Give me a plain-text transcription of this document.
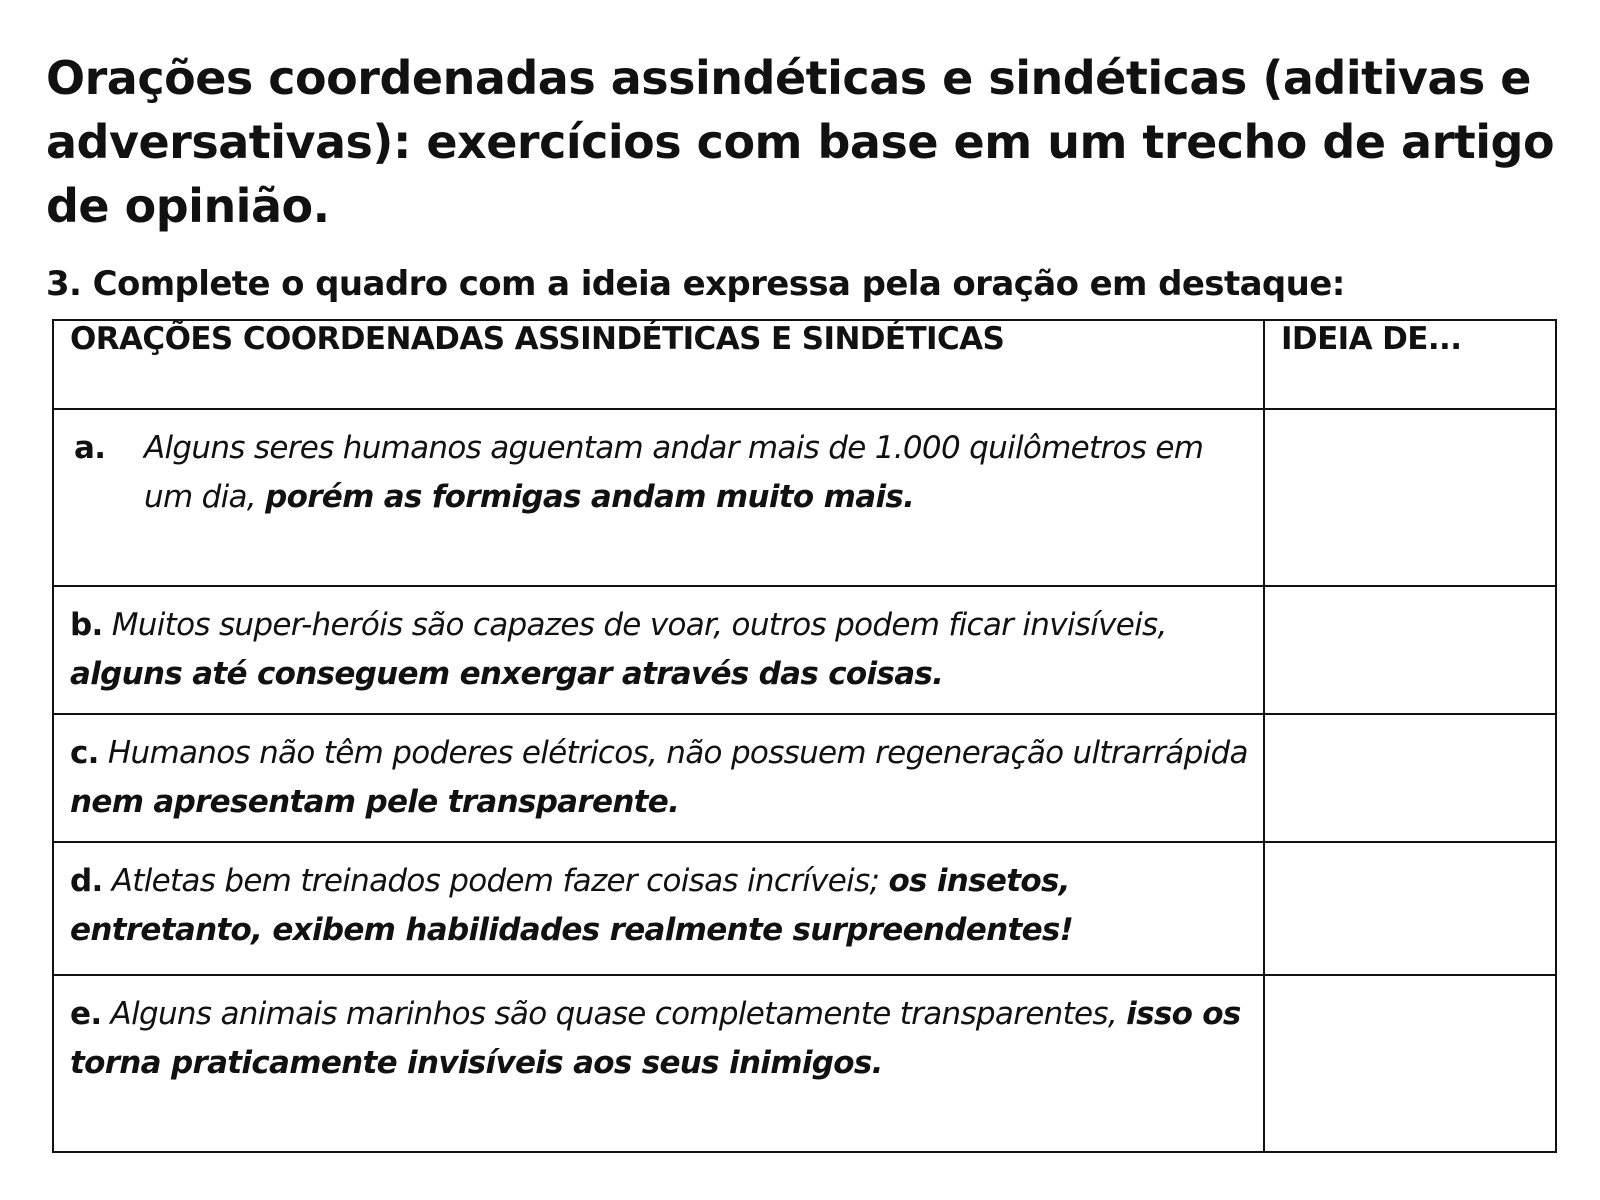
Orações coordenadas assindéticas e sindéticas (aditivas e adversativas): exercícios com base em um trecho de artigo de opinião.

3. Complete o quadro com a ideia expressa pela oração em destaque:

ORAÇÕES COORDENADAS ASSINDÉTICAS E SINDÉTICAS	IDEIA DE...

a. Alguns seres humanos aguentam andar mais de 1.000 quilômetros em um dia, porém as formigas andam muito mais.	

b. Muitos super-heróis são capazes de voar, outros podem ficar invisíveis, alguns até conseguem enxergar através das coisas.	

c. Humanos não têm poderes elétricos, não possuem regeneração ultrarrápida nem apresentam pele transparente.	

d. Atletas bem treinados podem fazer coisas incríveis; os insetos, entretanto, exibem habilidades realmente surpreendentes!	

e. Alguns animais marinhos são quase completamente transparentes, isso os torna praticamente invisíveis aos seus inimigos.	
